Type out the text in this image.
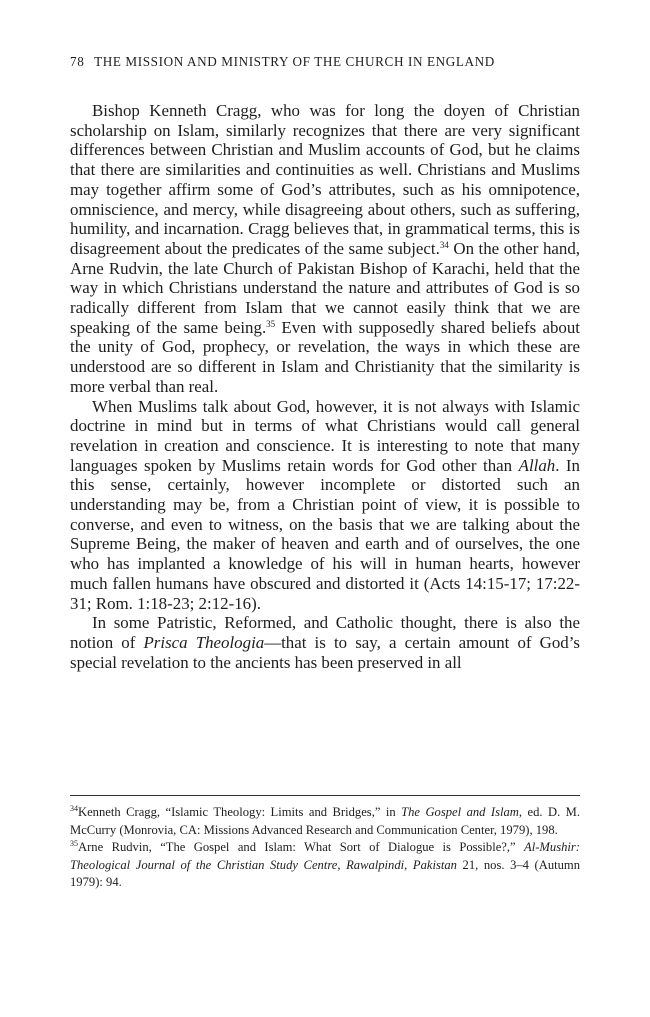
78 THE MISSION AND MINISTRY OF THE CHURCH IN ENGLAND

Bishop Kenneth Cragg, who was for long the doyen of Christian scholarship on Islam, similarly recognizes that there are very significant differences between Christian and Muslim accounts of God, but he claims that there are similarities and continuities as well. Christians and Muslims may together affirm some of God’s attributes, such as his omnipotence, omniscience, and mercy, while disagreeing about others, such as suffering, humility, and incarnation. Cragg believes that, in grammatical terms, this is disagreement about the predicates of the same subject.$^{34}$ On the other hand, Arne Rudvin, the late Church of Pakistan Bishop of Karachi, held that the way in which Christians understand the nature and attributes of God is so radically different from Islam that we cannot easily think that we are speaking of the same being.$^{35}$ Even with supposedly shared beliefs about the unity of God, prophecy, or revelation, the ways in which these are understood are so different in Islam and Christianity that the similarity is more verbal than real.

When Muslims talk about God, however, it is not always with Islamic doctrine in mind but in terms of what Christians would call general revelation in creation and conscience. It is interesting to note that many languages spoken by Muslims retain words for God other than Allah. In this sense, certainly, however incomplete or distorted such an understanding may be, from a Christian point of view, it is possible to converse, and even to witness, on the basis that we are talking about the Supreme Being, the maker of heaven and earth and of ourselves, the one who has implanted a knowledge of his will in human hearts, however much fallen humans have obscured and distorted it (Acts 14:15-17; 17:22-31; Rom. 1:18-23; 2:12-16).

In some Patristic, Reformed, and Catholic thought, there is also the notion of Prisca Theologia—that is to say, a certain amount of God’s special revelation to the ancients has been preserved in all

$^{34}$Kenneth Cragg, “Islamic Theology: Limits and Bridges,” in The Gospel and Islam, ed. D. M. McCurry (Monrovia, CA: Missions Advanced Research and Communication Center, 1979), 198.

$^{35}$Arne Rudvin, “The Gospel and Islam: What Sort of Dialogue is Possible?,” Al-Mushir: Theological Journal of the Christian Study Centre, Rawalpindi, Pakistan 21, nos. 3–4 (Autumn 1979): 94.
